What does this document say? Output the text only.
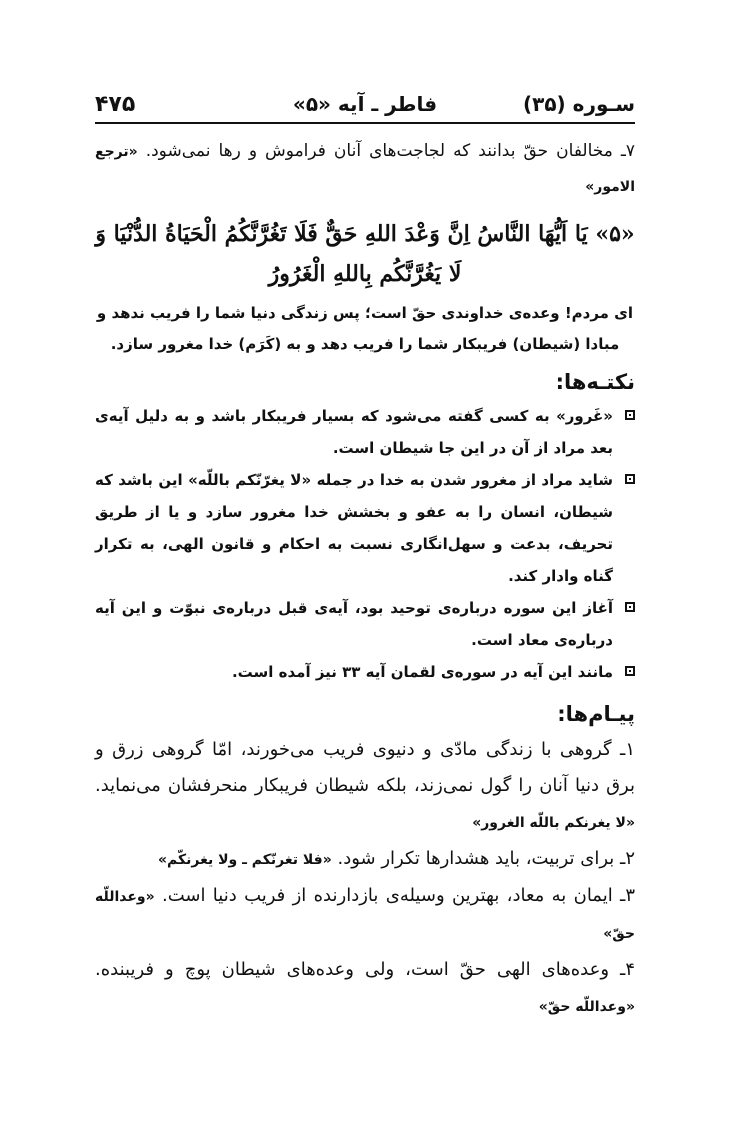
سـوره (۳۵)
فاطر ـ آیه «۵»
۴۷۵

۷ـ مخالفان حقّ بدانند که لجاجت‌های آنان فراموش و رها نمی‌شود. «ترجع الامور»

«۵» یَا اَیُّهَا النَّاسُ اِنَّ وَعْدَ اللهِ حَقٌّ فَلَا تَغُرَّنَّکُمُ الْحَیَاةُ الدُّنْیَا وَ لَا یَغُرَّنَّکُم بِاللهِ الْغَرُورُ
ای مردم! وعده‌ی خداوندی حقّ است؛ پس زندگی دنیا شما را فریب ندهد و
مبادا (شیطان) فریبکار شما را فریب دهد و به (کَرَم) خدا مغرور سازد.
نکتـه‌ها:
«غَرور» به کسی گفته می‌شود که بسیار فریبکار باشد و به دلیل آیه‌ی بعد مراد از آن در این جا شیطان است.
شاید مراد از مغرور شدن به خدا در جمله «لا یغرّنّکم باللّه» این باشد که شیطان، انسان را به عفو و بخشش خدا مغرور سازد و یا از طریق تحریف، بدعت و سهل‌انگاری نسبت به احکام و قانون الهی، به تکرار گناه وادار کند.
آغاز این سوره درباره‌ی توحید بود، آیه‌ی قبل درباره‌ی نبوّت و این آیه درباره‌ی معاد است.
مانند این آیه در سوره‌ی لقمان آیه ۳۳ نیز آمده است.
پیـام‌ها:

۱ـ گروهی با زندگی مادّی و دنیوی فریب می‌خورند، امّا گروهی زرق و برق دنیا آنان را گول نمی‌زند، بلکه شیطان فریبکار منحرفشان می‌نماید. «لا یغرنکم باللّه الغرور»

۲ـ برای تربیت، باید هشدارها تکرار شود. «فلا تغرنّکم ـ ولا یغرنکّم»

۳ـ ایمان به معاد، بهترین وسیله‌ی بازدارنده از فریب دنیا است. «وعداللّه حقّ»

۴ـ وعده‌های الهی حقّ است، ولی وعده‌های شیطان پوچ و فریبنده. «وعداللّه حقّ»
